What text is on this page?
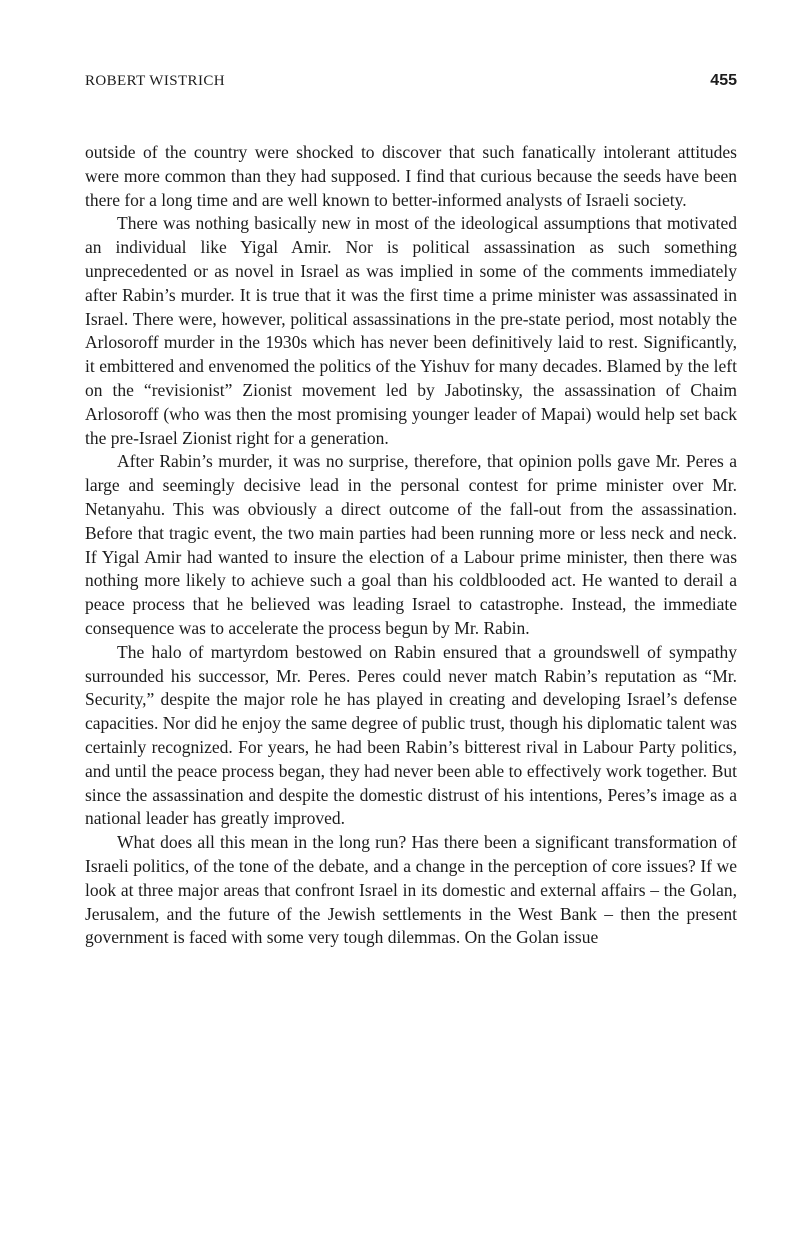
ROBERT WISTRICH	455

outside of the country were shocked to discover that such fanatically intolerant attitudes were more common than they had supposed. I find that curious because the seeds have been there for a long time and are well known to better-informed analysts of Israeli society.

There was nothing basically new in most of the ideological assumptions that motivated an individual like Yigal Amir. Nor is political assassination as such something unprecedented or as novel in Israel as was implied in some of the comments immediately after Rabin’s murder. It is true that it was the first time a prime minister was assassinated in Israel. There were, however, political assassinations in the pre-state period, most notably the Arlosoroff murder in the 1930s which has never been definitively laid to rest. Significantly, it embittered and envenomed the politics of the Yishuv for many decades. Blamed by the left on the “revisionist” Zionist movement led by Jabotinsky, the assassination of Chaim Arlosoroff (who was then the most promising younger leader of Mapai) would help set back the pre-Israel Zionist right for a generation.

After Rabin’s murder, it was no surprise, therefore, that opinion polls gave Mr. Peres a large and seemingly decisive lead in the personal contest for prime minister over Mr. Netanyahu. This was obviously a direct outcome of the fall-out from the assassination. Before that tragic event, the two main parties had been running more or less neck and neck. If Yigal Amir had wanted to insure the election of a Labour prime minister, then there was nothing more likely to achieve such a goal than his coldblooded act. He wanted to derail a peace process that he believed was leading Israel to catastrophe. Instead, the immediate consequence was to accelerate the process begun by Mr. Rabin.

The halo of martyrdom bestowed on Rabin ensured that a groundswell of sympathy surrounded his successor, Mr. Peres. Peres could never match Rabin’s reputation as “Mr. Security,” despite the major role he has played in creating and developing Israel’s defense capacities. Nor did he enjoy the same degree of public trust, though his diplomatic talent was certainly recognized. For years, he had been Rabin’s bitterest rival in Labour Party politics, and until the peace process began, they had never been able to effectively work together. But since the assassination and despite the domestic distrust of his intentions, Peres’s image as a national leader has greatly improved.

What does all this mean in the long run? Has there been a significant transformation of Israeli politics, of the tone of the debate, and a change in the perception of core issues? If we look at three major areas that confront Israel in its domestic and external affairs – the Golan, Jerusalem, and the future of the Jewish settlements in the West Bank – then the present government is faced with some very tough dilemmas. On the Golan issue
